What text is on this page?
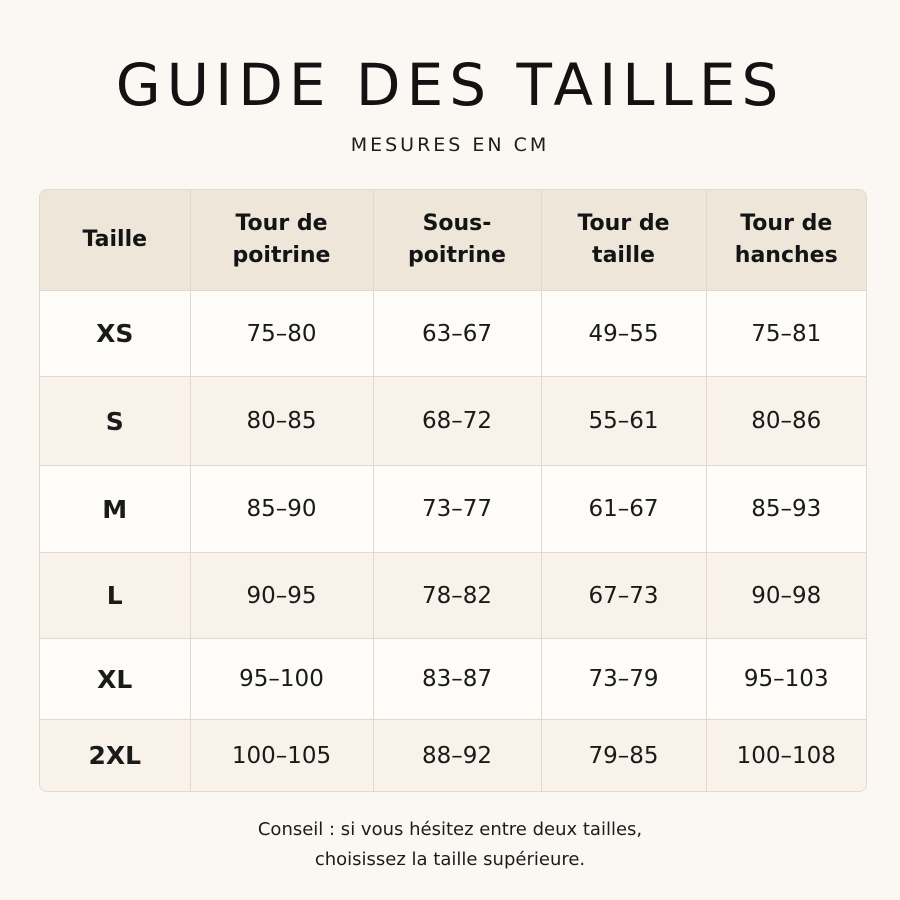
GUIDE DES TAILLES
MESURES EN CM
Taille	Tour de poitrine	Sous-poitrine	Tour de taille	Tour de hanches
XS	75–80	63–67	49–55	75–81
S	80–85	68–72	55–61	80–86
M	85–90	73–77	61–67	85–93
L	90–95	78–82	67–73	90–98
XL	95–100	83–87	73–79	95–103
2XL	100–105	88–92	79–85	100–108
Conseil : si vous hésitez entre deux tailles,
choisissez la taille supérieure.
